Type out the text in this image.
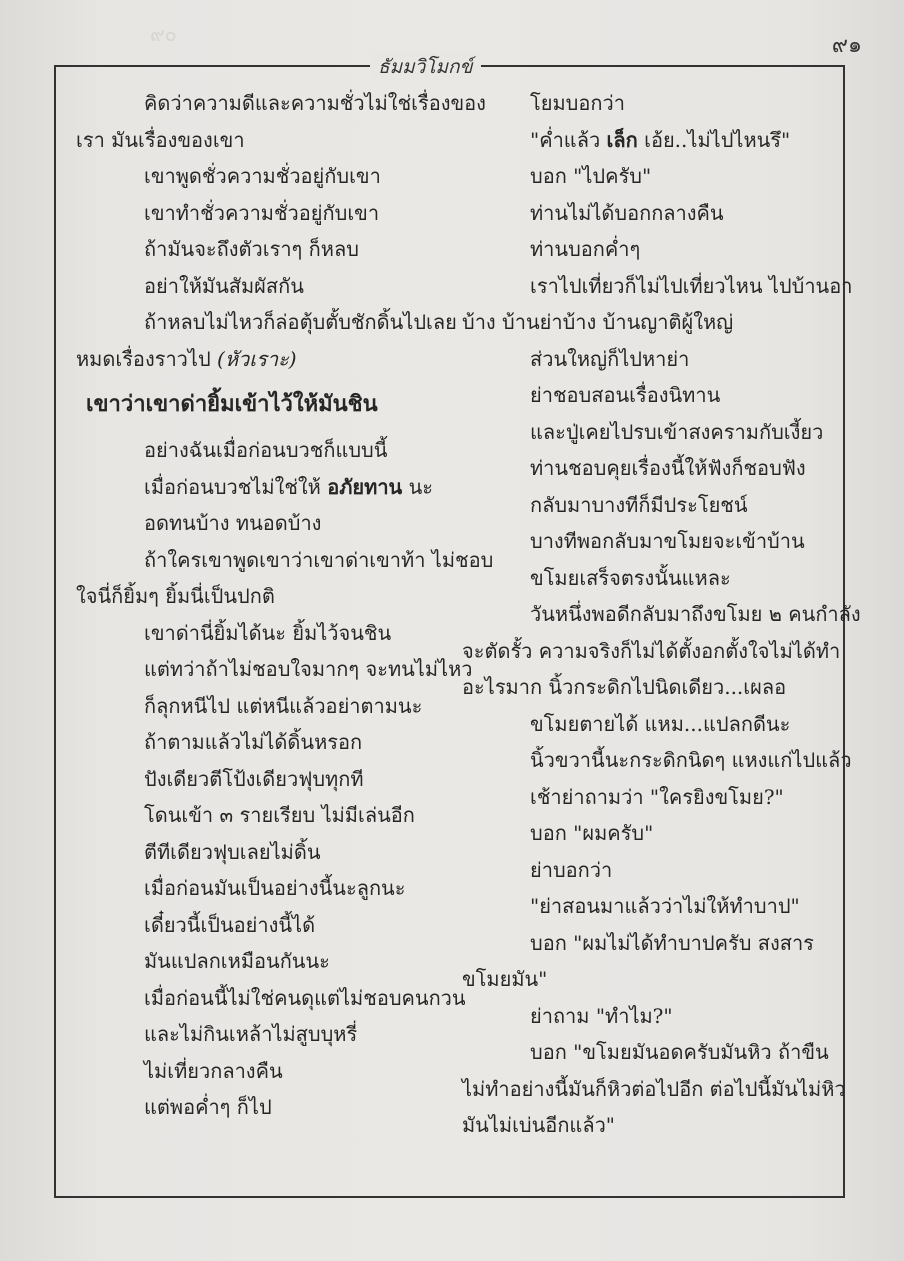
๙๐	๙๑
ธัมมวิโมกข์
คิดว่าความดีและความชั่วไม่ใช่เรื่องของ
เรา มันเรื่องของเขา
เขาพูดชั่วความชั่วอยู่กับเขา
เขาทำชั่วความชั่วอยู่กับเขา
ถ้ามันจะถึงตัวเราๆ ก็หลบ
อย่าให้มันสัมผัสกัน
ถ้าหลบไม่ไหวก็ล่อตุ้บตั้บชักดิ้นไปเลย
หมดเรื่องราวไป (หัวเราะ)
เขาว่าเขาด่ายิ้มเข้าไว้ให้มันชิน
อย่างฉันเมื่อก่อนบวชก็แบบนี้
เมื่อก่อนบวชไม่ใช่ให้ อภัยทาน นะ
อดทนบ้าง ทนอดบ้าง
ถ้าใครเขาพูดเขาว่าเขาด่าเขาท้า ไม่ชอบ
ใจนี่ก็ยิ้มๆ ยิ้มนี่เป็นปกติ
เขาด่านี่ยิ้มได้นะ ยิ้มไว้จนชิน
แต่ทว่าถ้าไม่ชอบใจมากๆ จะทนไม่ไหว
ก็ลุกหนีไป แต่หนีแล้วอย่าตามนะ
ถ้าตามแล้วไม่ได้ดิ้นหรอก
ปังเดียวตีโป้งเดียวฟุบทุกที
โดนเข้า ๓ รายเรียบ ไม่มีเล่นอีก
ตีทีเดียวฟุบเลยไม่ดิ้น
เมื่อก่อนมันเป็นอย่างนี้นะลูกนะ
เดี๋ยวนี้เป็นอย่างนี้ได้
มันแปลกเหมือนกันนะ
เมื่อก่อนนี้ไม่ใช่คนดุแต่ไม่ชอบคนกวน
และไม่กินเหล้าไม่สูบบุหรี่
ไม่เที่ยวกลางคืน
แต่พอค่ำๆ ก็ไป
โยมบอกว่า
"ค่ำแล้ว เล็ก เอ้ย..ไม่ไปไหนรึ"
บอก "ไปครับ"
ท่านไม่ได้บอกกลางคืน
ท่านบอกค่ำๆ
เราไปเที่ยวก็ไม่ไปเที่ยวไหน ไปบ้านอา
บ้าง บ้านย่าบ้าง บ้านญาติผู้ใหญ่
ส่วนใหญ่ก็ไปหาย่า
ย่าชอบสอนเรื่องนิทาน
และปู่เคยไปรบเข้าสงครามกับเงี้ยว
ท่านชอบคุยเรื่องนี้ให้ฟังก็ชอบฟัง
กลับมาบางทีก็มีประโยชน์
บางทีพอกลับมาขโมยจะเข้าบ้าน
ขโมยเสร็จตรงนั้นแหละ
วันหนึ่งพอดีกลับมาถึงขโมย ๒ คนกำลัง
จะตัดรั้ว ความจริงก็ไม่ได้ตั้งอกตั้งใจไม่ได้ทำ
อะไรมาก นิ้วกระดิกไปนิดเดียว...เผลอ
ขโมยตายได้ แหม...แปลกดีนะ
นิ้วขวานี้นะกระดิกนิดๆ แหงแก่ไปแล้ว
เช้าย่าถามว่า "ใครยิงขโมย?"
บอก "ผมครับ"
ย่าบอกว่า
"ย่าสอนมาแล้วว่าไม่ให้ทำบาป"
บอก "ผมไม่ได้ทำบาปครับ สงสาร
ขโมยมัน"
ย่าถาม "ทำไม?"
บอก "ขโมยมันอดครับมันหิว ถ้าขืน
ไม่ทำอย่างนี้มันก็หิวต่อไปอีก ต่อไปนี้มันไม่หิว
มันไม่เบ่นอีกแล้ว"
